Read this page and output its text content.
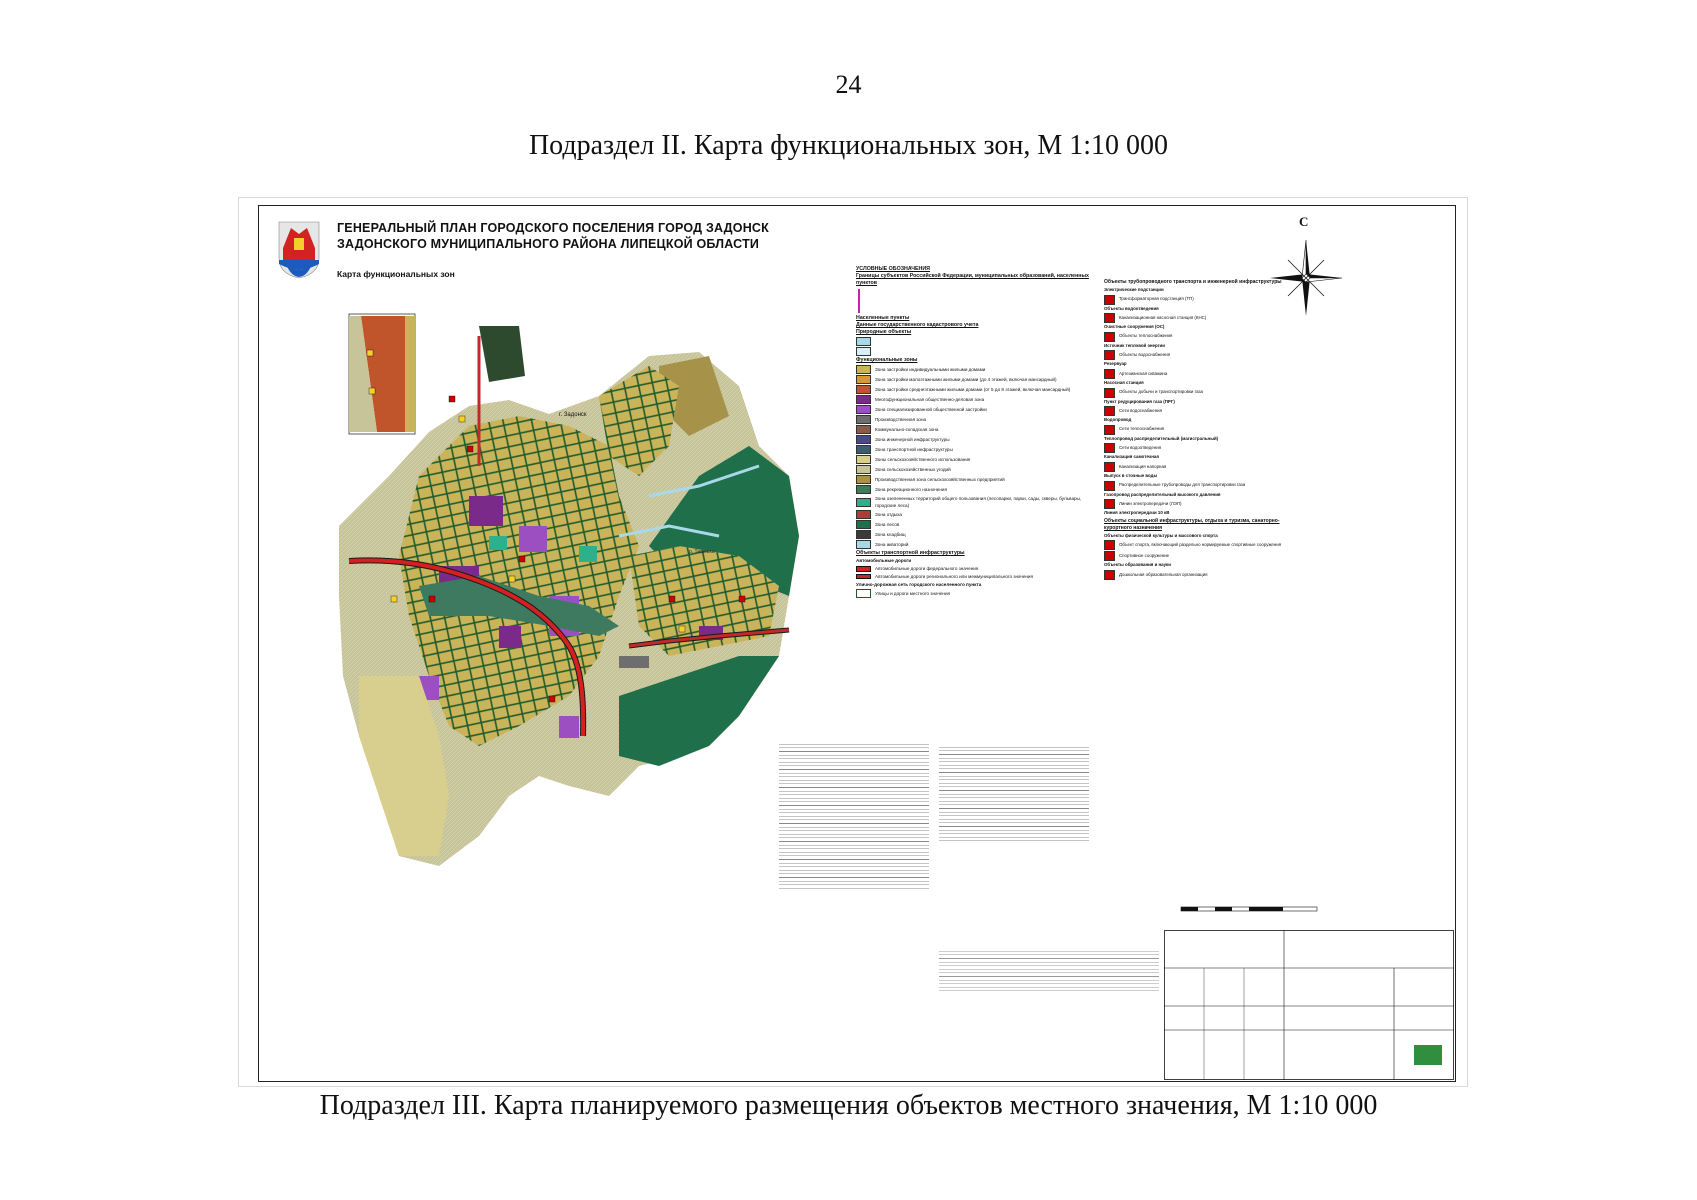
24
Подраздел II. Карта функциональных зон, М 1:10 000
ГЕНЕРАЛЬНЫЙ ПЛАН ГОРОДСКОГО ПОСЕЛЕНИЯ ГОРОД ЗАДОНСК
ЗАДОНСКОГО МУНИЦИПАЛЬНОГО РАЙОНА ЛИПЕЦКОЙ ОБЛАСТИ
Карта функциональных зон
С
г. Задонск
р. Тешевка
УСЛОВНЫЕ ОБОЗНАЧЕНИЯ
Границы субъектов Российской Федерации, муниципальных образований, населенных пунктов
Населенные пункты
Данные государственного кадастрового учета
Природные объекты
Функциональные зоны
Зона застройки индивидуальными жилыми домами
Зона застройки малоэтажными жилыми домами (до 4 этажей, включая мансардный)
Зона застройки среднеэтажными жилыми домами (от 5 до 8 этажей, включая мансардный)
Многофункциональная общественно-деловая зона
Зона специализированной общественной застройки
Производственная зона
Коммунально-складская зона
Зона инженерной инфраструктуры
Зона транспортной инфраструктуры
Зоны сельскохозяйственного использования
Зона сельскохозяйственных угодий
Производственная зона сельскохозяйственных предприятий
Зона рекреационного назначения
Зона озелененных территорий общего пользования (лесопарки, парки, сады, скверы, бульвары, городские леса)
Зона отдыха
Зона лесов
Зона кладбищ
Зона акваторий
Объекты транспортной инфраструктуры
Автомобильные дороги
Автомобильные дороги федерального значения
Автомобильные дороги регионального или межмуниципального значения
Улично-дорожная сеть городского населенного пункта
Улицы и дороги местного значения
Объекты трубопроводного транспорта и инженерной инфраструктуры
Электрические подстанции
Трансформаторная подстанция (ТП)
Объекты водоотведения
Канализационная насосная станция (КНС)
Очистные сооружения (ОС)
Объекты теплоснабжения
Источник тепловой энергии
Объекты водоснабжения
Резервуар
Артезианская скважина
Насосная станция
Объекты добычи и транспортировки газа
Пункт редуцирования газа (ПРГ)
Сети водоснабжения
Водопровод
Сети теплоснабжения
Теплопровод распределительный (магистральный)
Сети водоотведения
Канализация самотечная
Канализация напорная
Выпуск в сточные воды
Распределительные трубопроводы для транспортировки газа
Газопровод распределительный высокого давления
Линии электропередачи (ЛЭП)
Линия электропередачи 10 кВ
Объекты социальной инфраструктуры, отдыха и туризма, санаторно-курортного назначения
Объекты физической культуры и массового спорта
Объект спорта, включающий раздельно нормируемые спортивные сооружения
Спортивное сооружение
Объекты образования и науки
Дошкольная образовательная организация
Подраздел III. Карта планируемого размещения объектов местного значения, М 1:10 000
